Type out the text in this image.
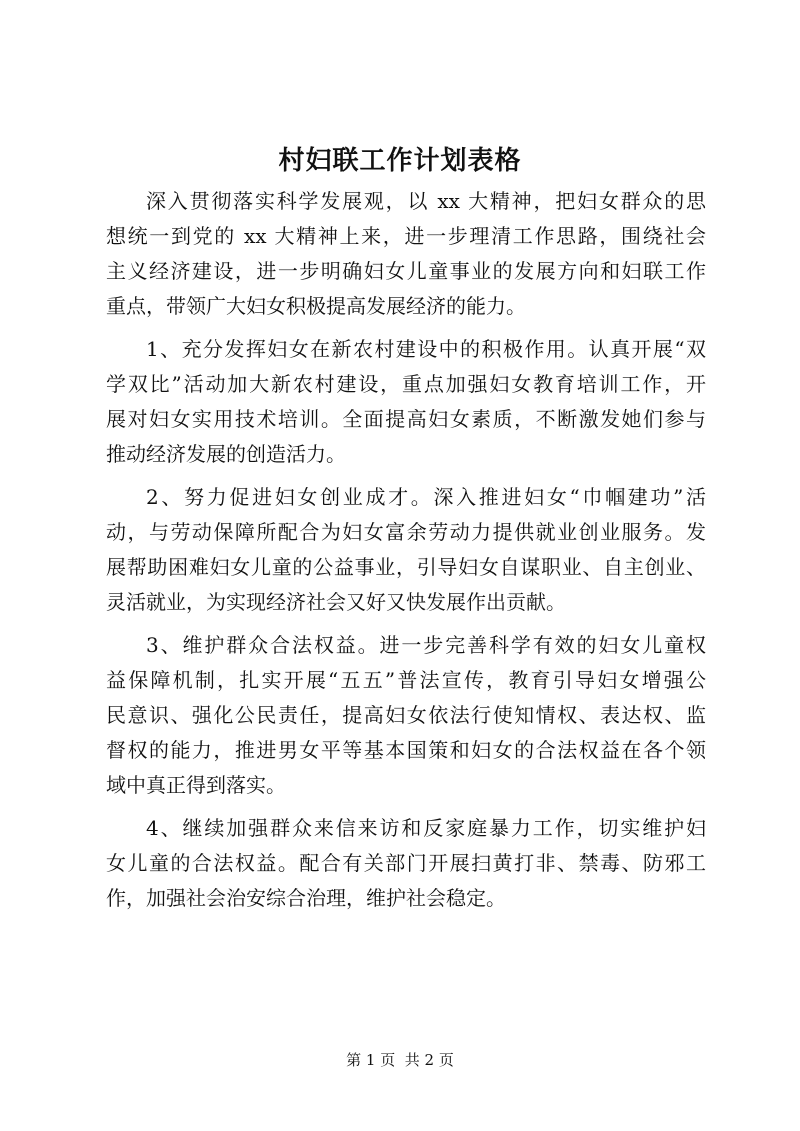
村妇联工作计划表格

深入贯彻落实科学发展观，以 xx 大精神，把妇女群众的思
想统一到党的 xx 大精神上来，进一步理清工作思路，围绕社会
主义经济建设，进一步明确妇女儿童事业的发展方向和妇联工作
重点，带领广大妇女积极提高发展经济的能力。

1、充分发挥妇女在新农村建设中的积极作用。认真开展“双
学双比”活动加大新农村建设，重点加强妇女教育培训工作，开
展对妇女实用技术培训。全面提高妇女素质，不断激发她们参与
推动经济发展的创造活力。

2、努力促进妇女创业成才。深入推进妇女“巾帼建功”活
动，与劳动保障所配合为妇女富余劳动力提供就业创业服务。发
展帮助困难妇女儿童的公益事业，引导妇女自谋职业、自主创业、
灵活就业，为实现经济社会又好又快发展作出贡献。

3、维护群众合法权益。进一步完善科学有效的妇女儿童权
益保障机制，扎实开展“五五”普法宣传，教育引导妇女增强公
民意识、强化公民责任，提高妇女依法行使知情权、表达权、监
督权的能力，推进男女平等基本国策和妇女的合法权益在各个领
域中真正得到落实。

4、继续加强群众来信来访和反家庭暴力工作，切实维护妇
女儿童的合法权益。配合有关部门开展扫黄打非、禁毒、防邪工
作，加强社会治安综合治理，维护社会稳定。

第 1 页  共 2 页
